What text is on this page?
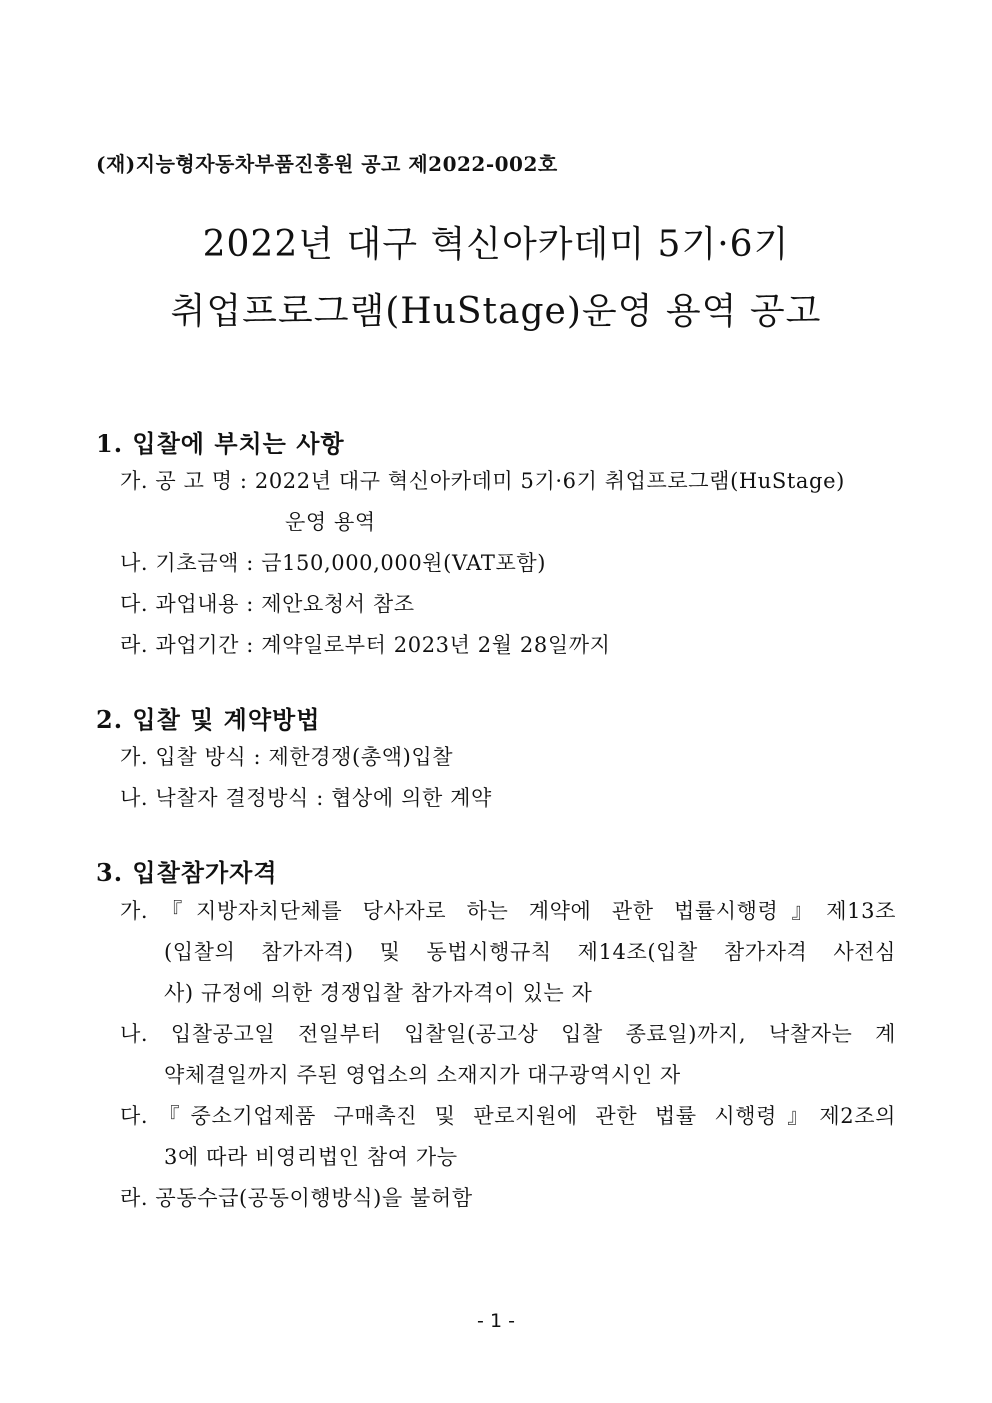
(재)지능형자동차부품진흥원 공고 제2022-002호
2022년 대구 혁신아카데미 5기·6기
취업프로그램(HuStage)운영 용역 공고
1. 입찰에 부치는 사항
가. 공 고 명 : 2022년 대구 혁신아카데미 5기·6기 취업프로그램(HuStage)
운영 용역
나. 기초금액 : 금150,000,000원(VAT포함)
다. 과업내용 : 제안요청서 참조
라. 과업기간 : 계약일로부터 2023년 2월 28일까지
2. 입찰 및 계약방법
가. 입찰 방식 : 제한경쟁(총액)입찰
나. 낙찰자 결정방식 : 협상에 의한 계약
3. 입찰참가자격
가.『지방자치단체를 당사자로 하는 계약에 관한 법률시행령』제13조
(입찰의 참가자격) 및 동법시행규칙 제14조(입찰 참가자격 사전심
사) 규정에 의한 경쟁입찰 참가자격이 있는 자
나. 입찰공고일 전일부터 입찰일(공고상 입찰 종료일)까지, 낙찰자는 계
약체결일까지 주된 영업소의 소재지가 대구광역시인 자
다.『중소기업제품 구매촉진 및 판로지원에 관한 법률 시행령』제2조의
3에 따라 비영리법인 참여 가능
라. 공동수급(공동이행방식)을 불허함
- 1 -
